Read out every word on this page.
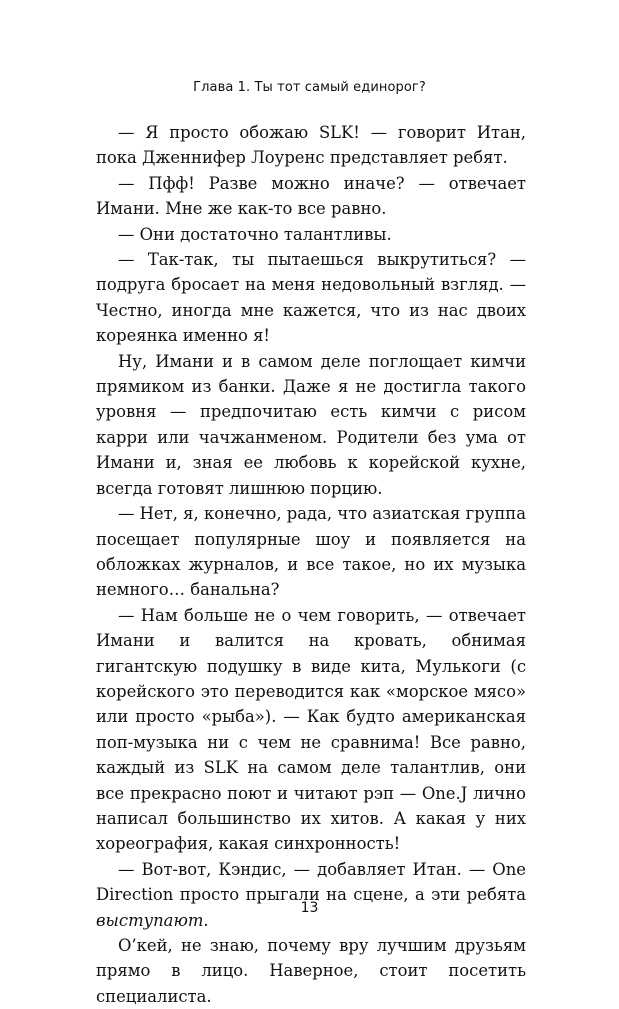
Глава 1. Ты тот самый единорог?

— Я просто обожаю SLK! — говорит Итан, пока Дженнифер Лоуренс представляет ребят.

— Пфф! Разве можно иначе? — отвечает Имани. Мне же как-то все равно.

— Они достаточно талантливы.

— Так-так, ты пытаешься выкрутиться? — подруга бросает на меня недовольный взгляд. — Честно, иногда мне кажется, что из нас двоих кореянка именно я!

Ну, Имани и в самом деле поглощает кимчи прямиком из банки. Даже я не достигла такого уровня — предпочитаю есть кимчи с рисом карри или чачжанменом. Родители без ума от Имани и, зная ее любовь к корейской кухне, всегда готовят лишнюю порцию.

— Нет, я, конечно, рада, что азиатская группа посещает популярные шоу и появляется на обложках журналов, и все такое, но их музыка немного… банальна?

— Нам больше не о чем говорить, — отвечает Имани и валится на кровать, обнимая гигантскую подушку в виде кита, Мулькоги (с корейского это переводится как «морское мясо» или просто «рыба»). — Как будто американская поп-музыка ни с чем не сравнима! Все равно, каждый из SLK на самом деле талантлив, они все прекрасно поют и читают рэп — One.J лично написал большинство их хитов. А какая у них хореография, какая синхронность!

— Вот-вот, Кэндис, — добавляет Итан. — One Direction просто прыгали на сцене, а эти ребята выступают.

О’кей, не знаю, почему вру лучшим друзьям прямо в лицо. Наверное, стоит посетить специалиста.

13
